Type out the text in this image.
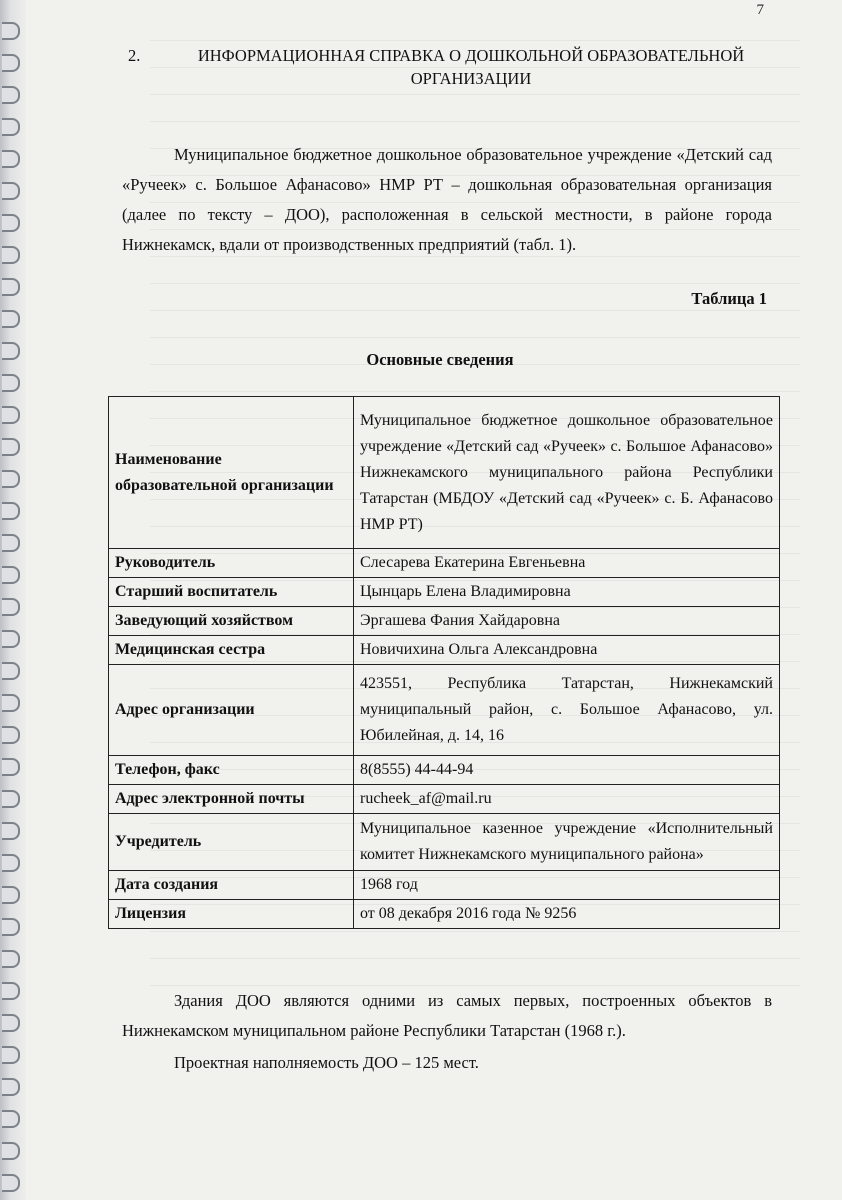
7
2.	ИНФОРМАЦИОННАЯ СПРАВКА О ДОШКОЛЬНОЙ ОБРАЗОВАТЕЛЬНОЙ ОРГАНИЗАЦИИ
Муниципальное бюджетное дошкольное образовательное учреждение «Детский сад «Ручеек» с. Большое Афанасово» НМР РТ – дошкольная образовательная организация (далее по тексту – ДОО), расположенная в сельской местности, в районе города Нижнекамск, вдали от производственных предприятий (табл. 1).
Таблица 1
Основные сведения
Наименование образовательной организации	Муниципальное бюджетное дошкольное образовательное учреждение «Детский сад «Ручеек» с. Большое Афанасово» Нижнекамского муниципального района Республики Татарстан (МБДОУ «Детский сад «Ручеек» с. Б. Афанасово НМР РТ)
Руководитель	Слесарева Екатерина Евгеньевна
Старший воспитатель	Цынцарь Елена Владимировна
Заведующий хозяйством	Эргашева Фания Хайдаровна
Медицинская сестра	Новичихина Ольга Александровна
Адрес организации	423551, Республика Татарстан, Нижнекамский муниципальный район, с. Большое Афанасово, ул. Юбилейная, д. 14, 16
Телефон, факс	8(8555) 44-44-94
Адрес электронной почты	rucheek_af@mail.ru
Учредитель	Муниципальное казенное учреждение «Исполнительный комитет Нижнекамского муниципального района»
Дата создания	1968 год
Лицензия	от 08 декабря 2016 года № 9256
Здания ДОО являются одними из самых первых, построенных объектов в Нижнекамском муниципальном районе Республики Татарстан (1968 г.).
Проектная наполняемость ДОО – 125 мест.
